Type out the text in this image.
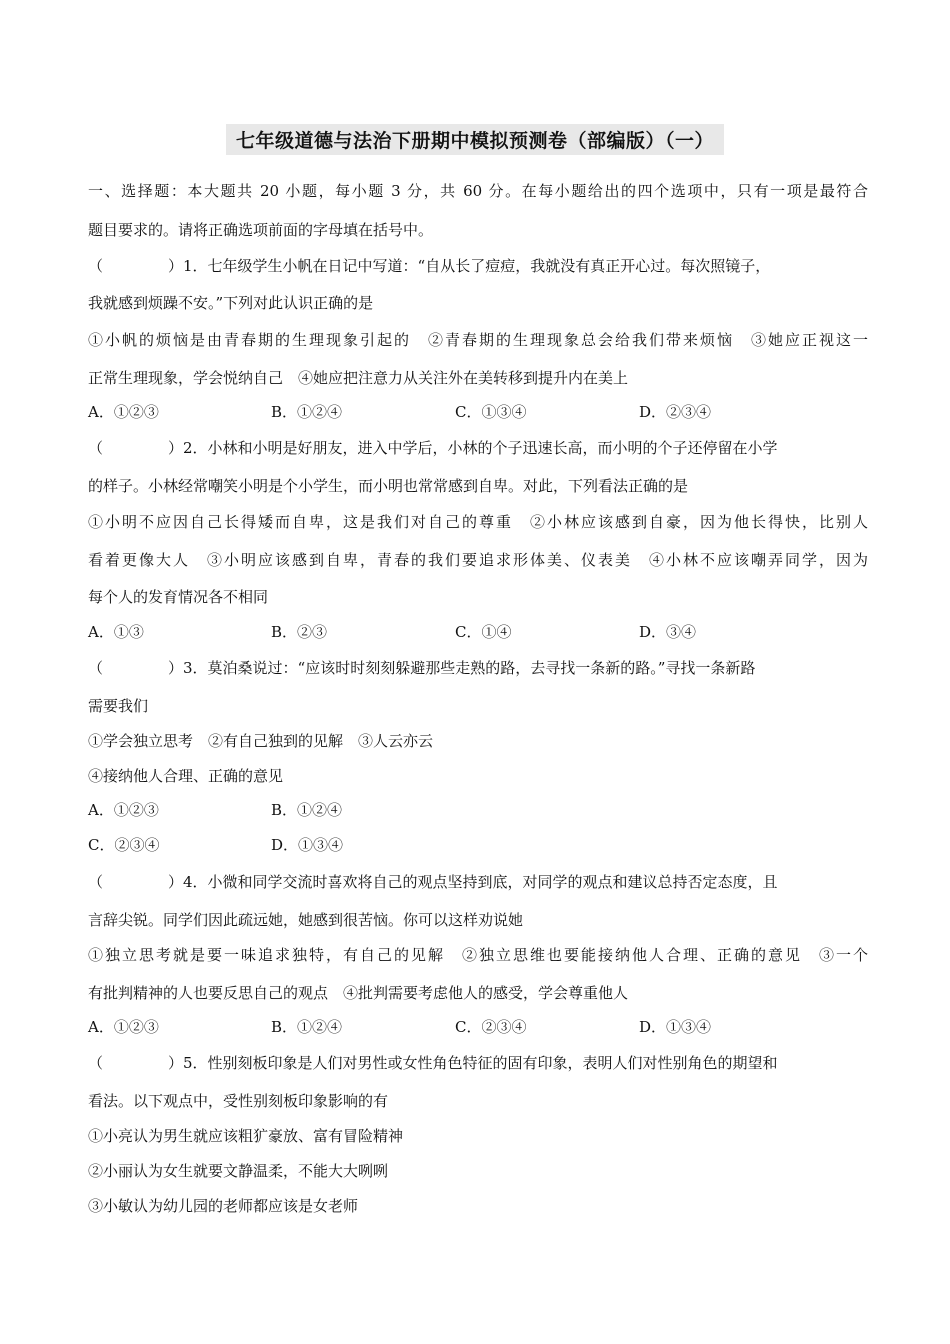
七年级道德与法治下册期中模拟预测卷（部编版）（一）
一、选择题：本大题共 20 小题，每小题 3 分，共 60 分。在每小题给出的四个选项中，只有一项是最符合
题目要求的。请将正确选项前面的字母填在括号中。
（	）1．七年级学生小帆在日记中写道：“自从长了痘痘，我就没有真正开心过。每次照镜子，
我就感到烦躁不安。”下列对此认识正确的是
①小帆的烦恼是由青春期的生理现象引起的　②青春期的生理现象总会给我们带来烦恼　③她应正视这一
正常生理现象，学会悦纳自己　④她应把注意力从关注外在美转移到提升内在美上
A．①②③	B．①②④	C．①③④	D．②③④
（	）2．小林和小明是好朋友，进入中学后，小林的个子迅速长高，而小明的个子还停留在小学
的样子。小林经常嘲笑小明是个小学生，而小明也常常感到自卑。对此，下列看法正确的是
①小明不应因自己长得矮而自卑，这是我们对自己的尊重　②小林应该感到自豪，因为他长得快，比别人
看着更像大人　③小明应该感到自卑，青春的我们要追求形体美、仪表美　④小林不应该嘲弄同学，因为
每个人的发育情况各不相同
A．①③	B．②③	C．①④	D．③④
（	）3．莫泊桑说过：“应该时时刻刻躲避那些走熟的路，去寻找一条新的路。”寻找一条新路
需要我们
①学会独立思考　②有自己独到的见解　③人云亦云
④接纳他人合理、正确的意见
A．①②③	B．①②④
C．②③④	D．①③④
（	）4．小微和同学交流时喜欢将自己的观点坚持到底，对同学的观点和建议总持否定态度，且
言辞尖锐。同学们因此疏远她，她感到很苦恼。你可以这样劝说她
①独立思考就是要一味追求独特，有自己的见解　②独立思维也要能接纳他人合理、正确的意见　③一个
有批判精神的人也要反思自己的观点　④批判需要考虑他人的感受，学会尊重他人
A．①②③	B．①②④	C．②③④	D．①③④
（	）5．性别刻板印象是人们对男性或女性角色特征的固有印象，表明人们对性别角色的期望和
看法。以下观点中，受性别刻板印象影响的有
①小亮认为男生就应该粗犷豪放、富有冒险精神
②小丽认为女生就要文静温柔，不能大大咧咧
③小敏认为幼儿园的老师都应该是女老师
